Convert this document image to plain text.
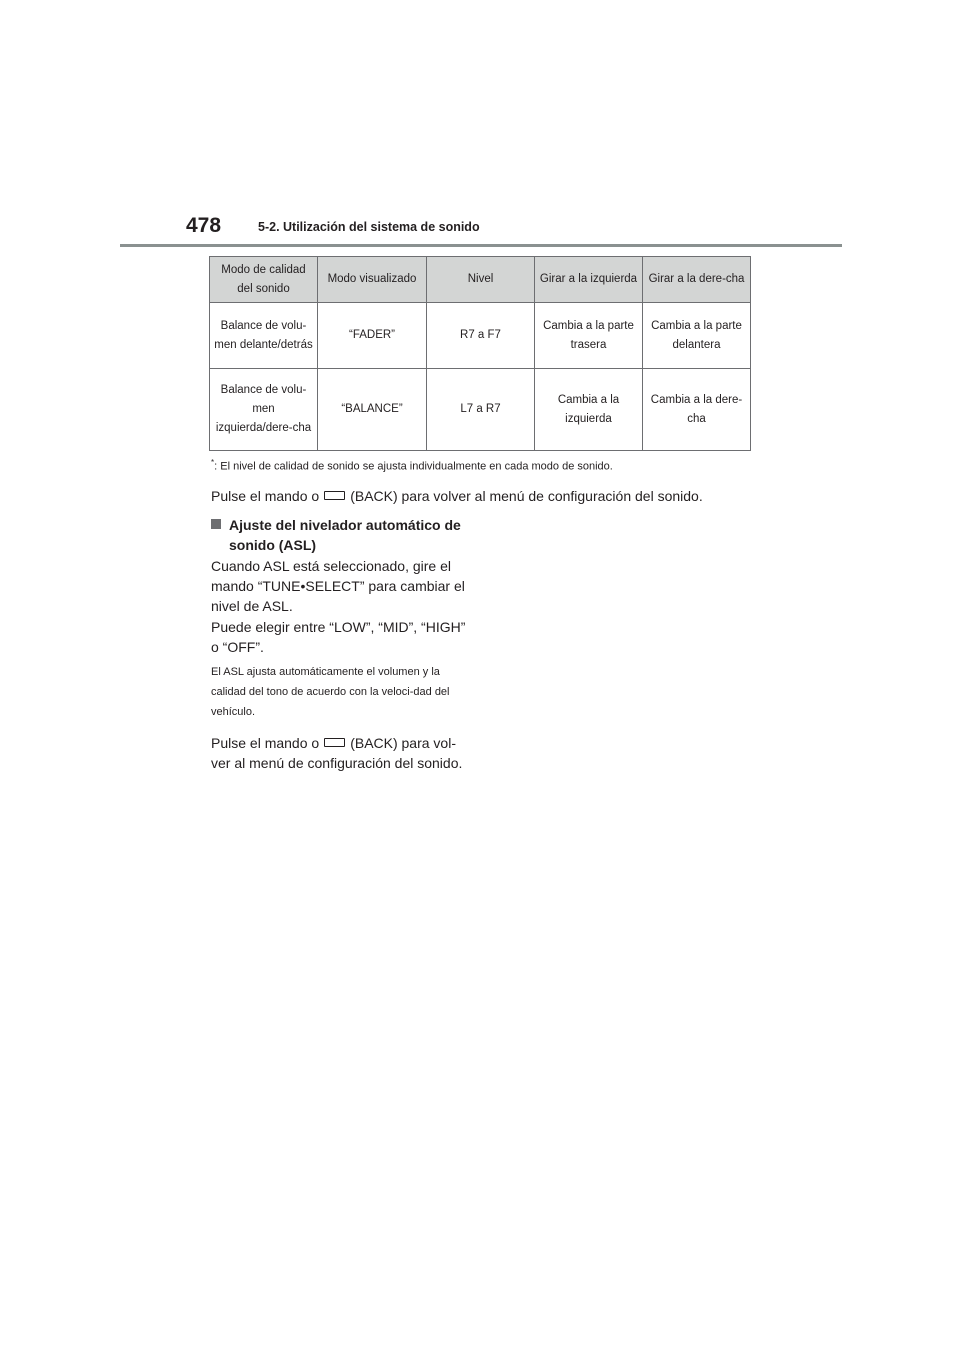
478	5-2. Utilización del sistema de sonido
Modo de calidad del sonido	Modo visualizado	Nivel	Girar a la izquierda	Girar a la dere-cha
Balance de volu-men delante/detrás	“FADER”	R7 a F7	Cambia a la parte trasera	Cambia a la parte delantera
Balance de volu-men izquierda/dere-cha	“BALANCE”	L7 a R7	Cambia a la izquierda	Cambia a la dere-cha
*: El nivel de calidad de sonido se ajusta individualmente en cada modo de sonido.
Pulse el mando o (BACK) para volver al menú de configuración del sonido.
Ajuste del nivelador automático de sonido (ASL)
Cuando ASL está seleccionado, gire el mando “TUNE•SELECT” para cambiar el nivel de ASL.
Puede elegir entre “LOW”, “MID”, “HIGH” o “OFF”.
El ASL ajusta automáticamente el volumen y la calidad del tono de acuerdo con la veloci-dad del vehículo.
Pulse el mando o (BACK) para vol-ver al menú de configuración del sonido.
